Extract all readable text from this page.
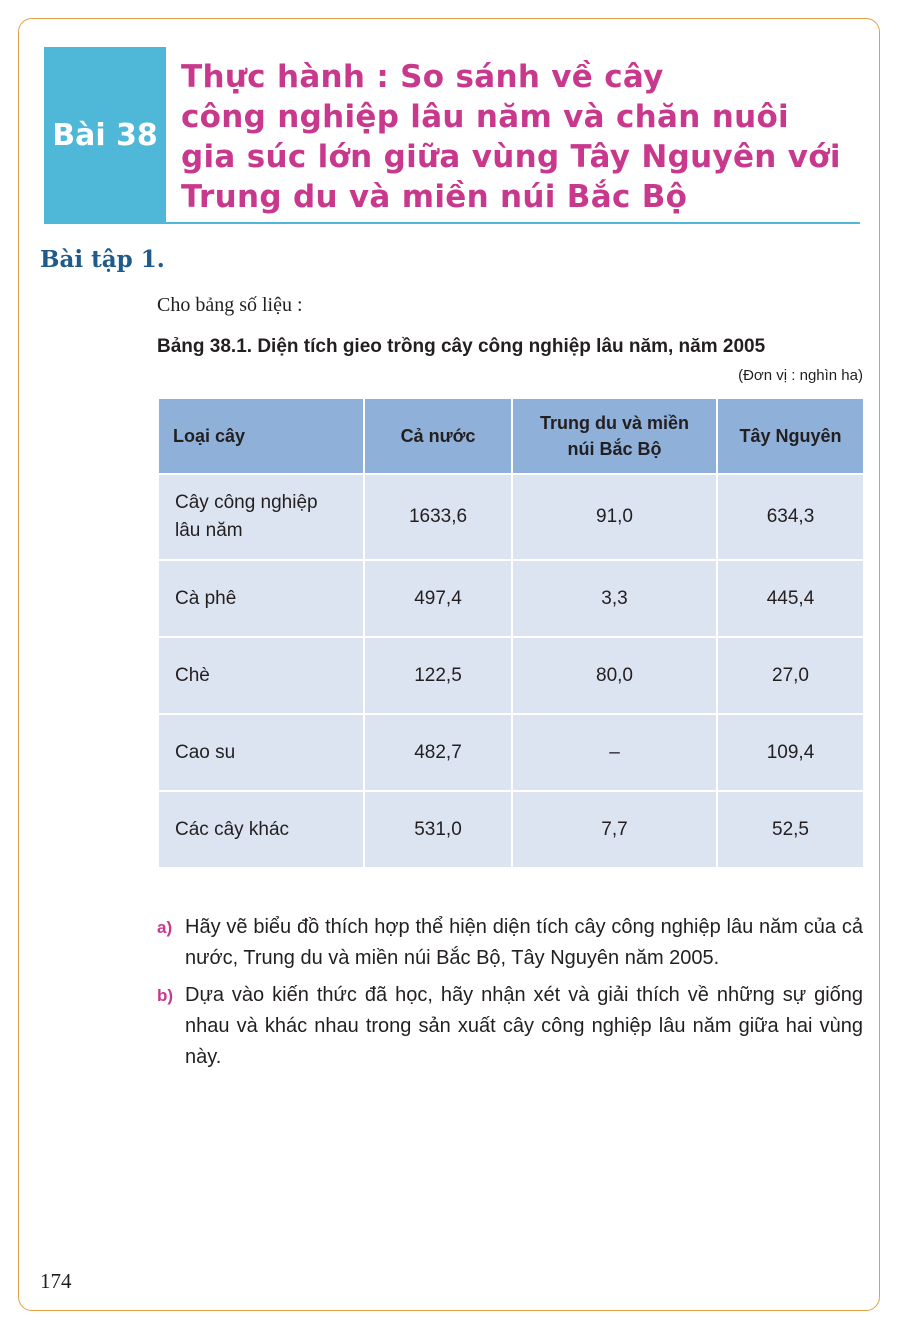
Bài 38
Thực hành : So sánh về cây
công nghiệp lâu năm và chăn nuôi
gia súc lớn giữa vùng Tây Nguyên với
Trung du và miền núi Bắc Bộ
Bài tập 1.

Cho bảng số liệu :

Bảng 38.1. Diện tích gieo trồng cây công nghiệp lâu năm, năm 2005

(Đơn vị : nghìn ha)

Loại cây	Cả nước	Trung du và miền núi Bắc Bộ	Tây Nguyên
Cây công nghiệp lâu năm	1633,6	91,0	634,3
Cà phê	497,4	3,3	445,4
Chè	122,5	80,0	27,0
Cao su	482,7	–	109,4
Các cây khác	531,0	7,7	52,5
a) Hãy vẽ biểu đồ thích hợp thể hiện diện tích cây công nghiệp lâu năm của cả nước, Trung du và miền núi Bắc Bộ, Tây Nguyên năm 2005.
b) Dựa vào kiến thức đã học, hãy nhận xét và giải thích về những sự giống nhau và khác nhau trong sản xuất cây công nghiệp lâu năm giữa hai vùng này.

174
